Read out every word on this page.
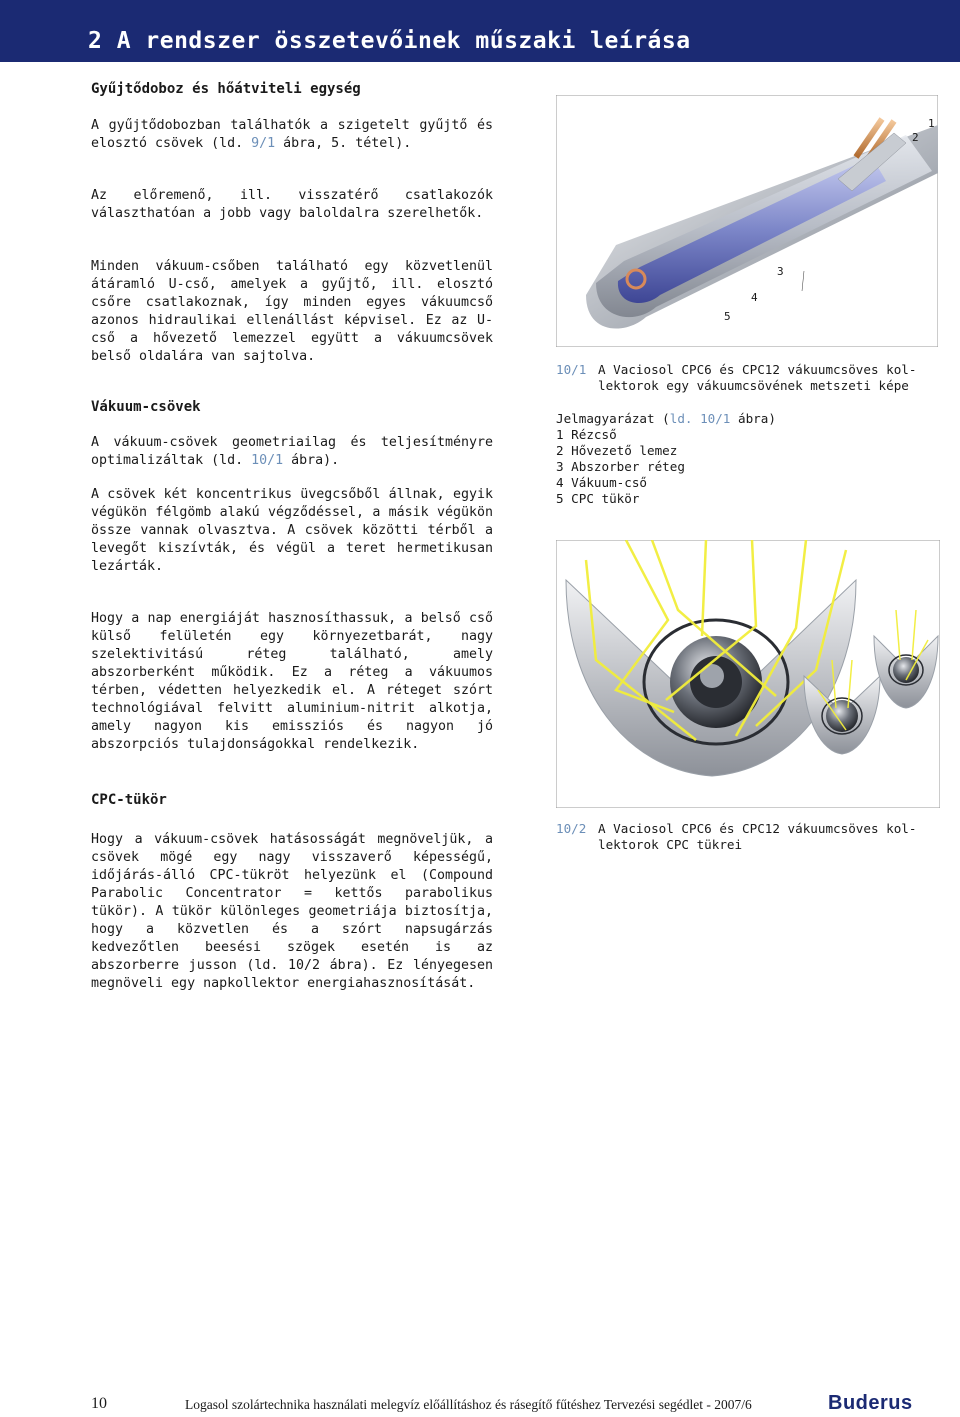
2 A rendszer összetevőinek műszaki leírása
Gyűjtődoboz és hőátviteli egység

A gyűjtődobozban találhatók a szigetelt gyűjtő és elosztó csövek (ld. 9/1 ábra, 5. tétel).

Az előremenő, ill. visszatérő csatlakozók választhatóan a jobb vagy baloldalra szerelhetők.

Minden vákuum-csőben található egy közvetlenül átáramló U-cső, amelyek a gyűjtő, ill. elosztó csőre csatlakoznak, így minden egyes vákuumcső azonos hidraulikai ellenállást képvisel. Ez az U-cső a hővezető lemezzel együtt a vákuumcsövek belső oldalára van sajtolva.

Vákuum-csövek

A vákuum-csövek geometriailag és teljesítményre optimalizáltak (ld. 10/1 ábra).

A csövek két koncentrikus üvegcsőből állnak, egyik végükön félgömb alakú végződéssel, a másik végükön össze vannak olvasztva. A csövek közötti térből a levegőt kiszívták, és végül a teret hermetikusan lezárták.

Hogy a nap energiáját hasznosíthassuk, a belső cső külső felületén egy környezetbarát, nagy szelektivitású réteg található, amely abszorberként működik. Ez a réteg a vákuumos térben, védetten helyezkedik el. A réteget szórt technológiával felvitt aluminium-nitrit alkotja, amely nagyon kis emissziós és nagyon jó abszorpciós tulajdonságokkal rendelkezik.

CPC-tükör

Hogy a vákuum-csövek hatásosságát megnöveljük, a csövek mögé egy nagy visszaverő képességű, időjárás-álló CPC-tükröt helyezünk el (Compound Parabolic Concentrator = kettős parabolikus tükör). A tükör különleges geometriája biztosítja, hogy a közvetlen és a szórt napsugárzás kedvezőtlen beesési szögek esetén is az abszorberre jusson (ld. 10/2 ábra). Ez lényegesen megnöveli egy napkollektor energiahasznosítását.

1
2
3
4
5
10/1 A Vaciosol CPC6 és CPC12 vákuumcsöves kol-
lektorok egy vákuumcsövének metszeti képe
Jelmagyarázat (ld. 10/1 ábra)
1 Rézcső
2 Hővezető lemez
3 Abszorber réteg
4 Vákuum-cső
5 CPC tükör
10/2 A Vaciosol CPC6 és CPC12 vákuumcsöves kol-
lektorok CPC tükrei
10	Logasol szolártechnika használati melegvíz előállításhoz és rásegítő fűtéshez Tervezési segédlet - 2007/6	Buderus
